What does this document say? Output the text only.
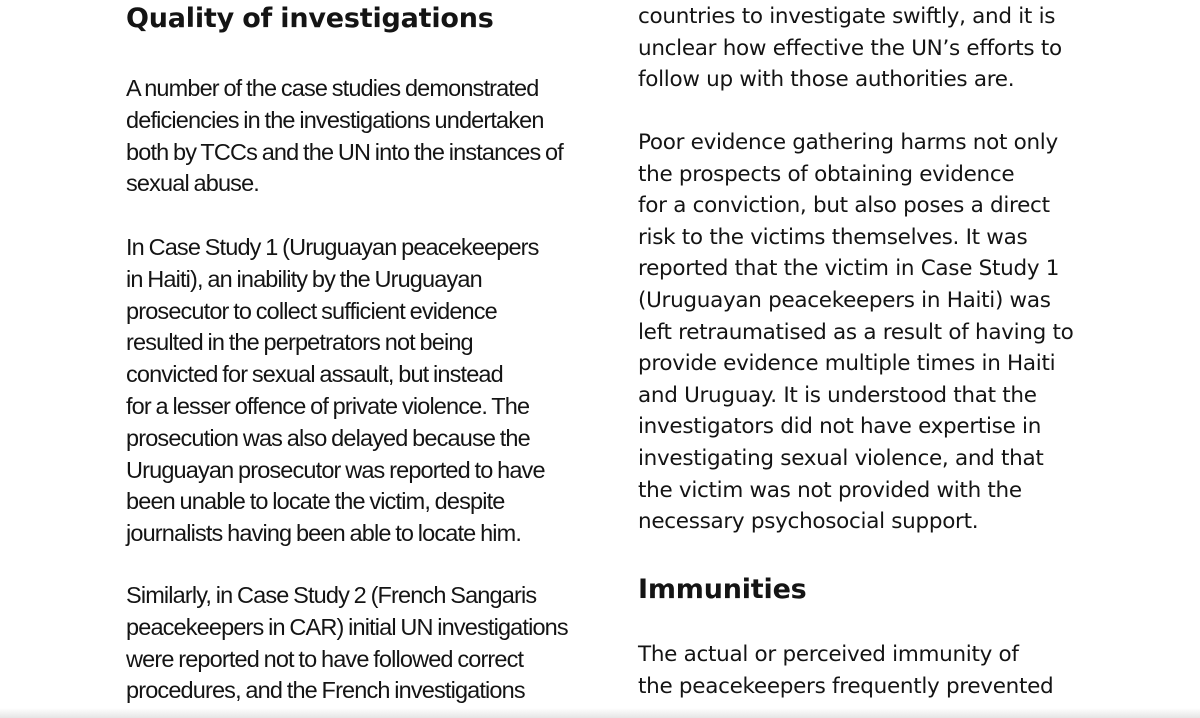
Quality of investigations

A number of the case studies demonstrated
deficiencies in the investigations undertaken
both by TCCs and the UN into the instances of
sexual abuse.

In Case Study 1 (Uruguayan peacekeepers
in Haiti), an inability by the Uruguayan
prosecutor to collect sufficient evidence
resulted in the perpetrators not being
convicted for sexual assault, but instead
for a lesser offence of private violence. The
prosecution was also delayed because the
Uruguayan prosecutor was reported to have
been unable to locate the victim, despite
journalists having been able to locate him.

Similarly, in Case Study 2 (French Sangaris
peacekeepers in CAR) initial UN investigations
were reported not to have followed correct
procedures, and the French investigations

countries to investigate swiftly, and it is
unclear how effective the UN’s efforts to
follow up with those authorities are.

Poor evidence gathering harms not only
the prospects of obtaining evidence
for a conviction, but also poses a direct
risk to the victims themselves. It was
reported that the victim in Case Study 1
(Uruguayan peacekeepers in Haiti) was
left retraumatised as a result of having to
provide evidence multiple times in Haiti
and Uruguay. It is understood that the
investigators did not have expertise in
investigating sexual violence, and that
the victim was not provided with the
necessary psychosocial support.

Immunities

The actual or perceived immunity of
the peacekeepers frequently prevented
